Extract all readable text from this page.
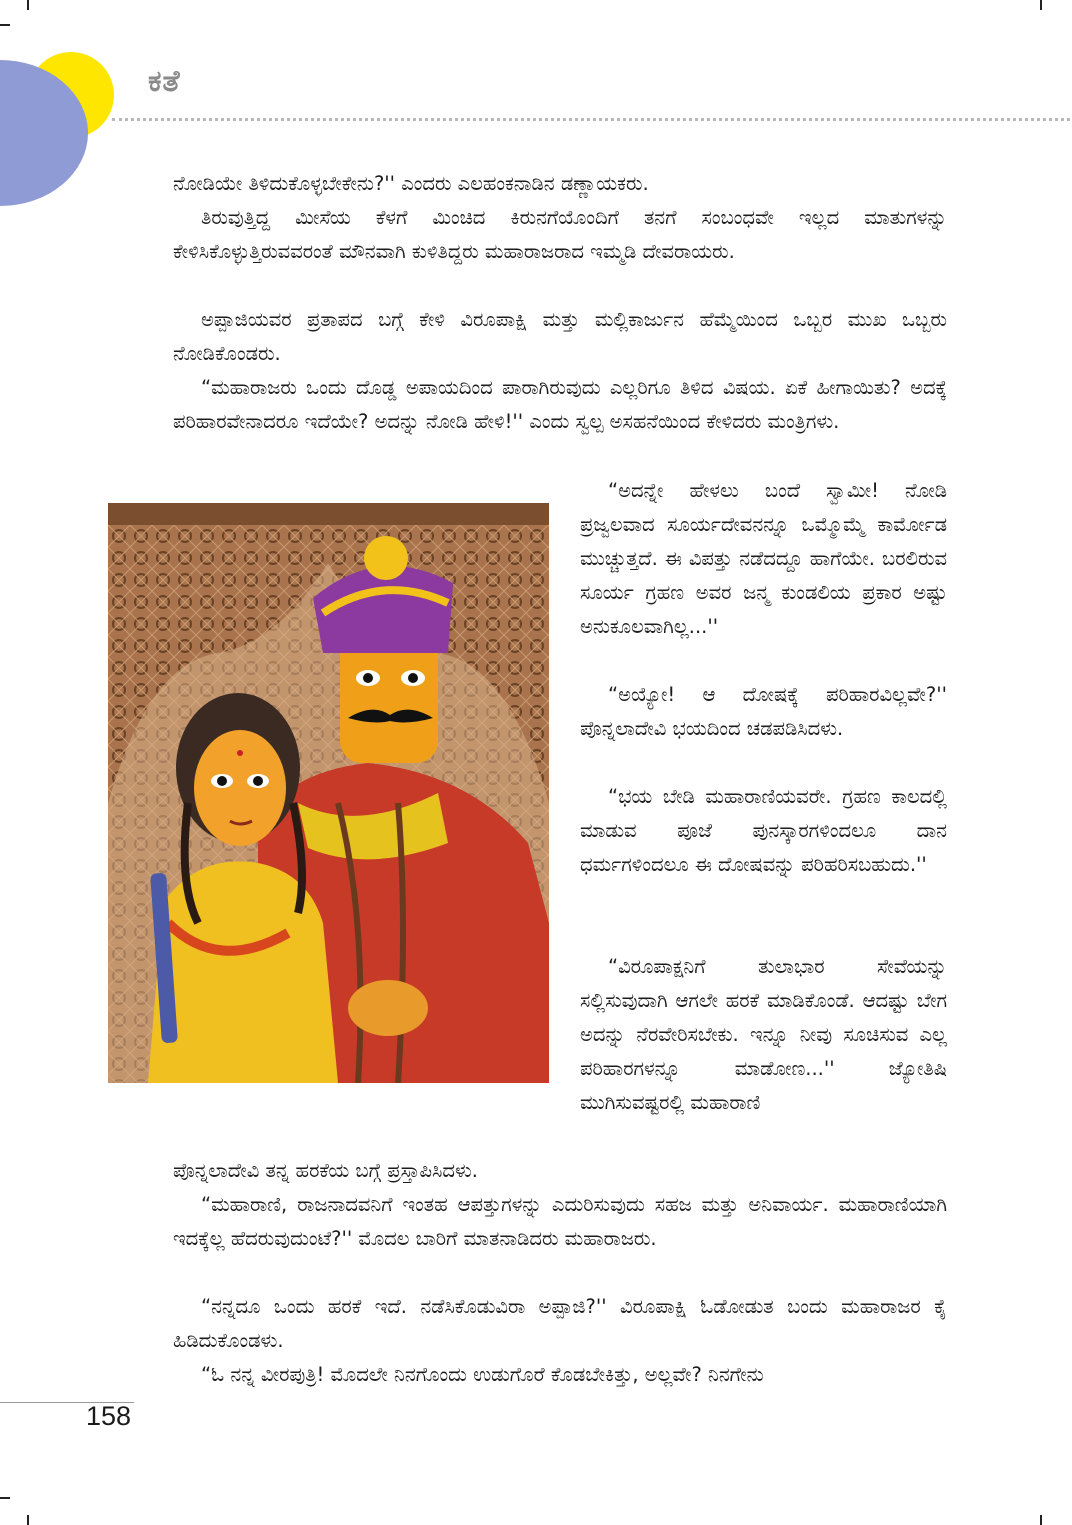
ಕತೆ

ನೋಡಿಯೇ ತಿಳಿದುಕೊಳ್ಳಬೇಕೇನು?'' ಎಂದರು ಎಲಹಂಕನಾಡಿನ ಡಣ್ಣಾಯಕರು.

ತಿರುವುತ್ತಿದ್ದ ಮೀಸೆಯ ಕೆಳಗೆ ಮಿಂಚಿದ ಕಿರುನಗೆಯೊಂದಿಗೆ ತನಗೆ ಸಂಬಂಧವೇ ಇಲ್ಲದ ಮಾತುಗಳನ್ನು ಕೇಳಿಸಿಕೊಳ್ಳುತ್ತಿರುವವರಂತೆ ಮೌನವಾಗಿ ಕುಳಿತಿದ್ದರು ಮಹಾರಾಜರಾದ ಇಮ್ಮಡಿ ದೇವರಾಯರು.

ಅಪ್ಪಾಜಿಯವರ ಪ್ರತಾಪದ ಬಗ್ಗೆ ಕೇಳಿ ವಿರೂಪಾಕ್ಷಿ ಮತ್ತು ಮಲ್ಲಿಕಾರ್ಜುನ ಹೆಮ್ಮೆಯಿಂದ ಒಬ್ಬರ ಮುಖ ಒಬ್ಬರು ನೋಡಿಕೊಂಡರು.

“ಮಹಾರಾಜರು ಒಂದು ದೊಡ್ಡ ಅಪಾಯದಿಂದ ಪಾರಾಗಿರುವುದು ಎಲ್ಲರಿಗೂ ತಿಳಿದ ವಿಷಯ. ಏಕೆ ಹೀಗಾಯಿತು? ಅದಕ್ಕೆ ಪರಿಹಾರವೇನಾದರೂ ಇದೆಯೇ? ಅದನ್ನು ನೋಡಿ ಹೇಳಿ!'' ಎಂದು ಸ್ವಲ್ಪ ಅಸಹನೆಯಿಂದ ಕೇಳಿದರು ಮಂತ್ರಿಗಳು.

“ಅದನ್ನೇ ಹೇಳಲು ಬಂದೆ ಸ್ವಾಮೀ! ನೋಡಿ ಪ್ರಜ್ವಲವಾದ ಸೂರ್ಯದೇವನನ್ನೂ ಒಮ್ಮೊಮ್ಮೆ ಕಾರ್ಮೋಡ ಮುಚ್ಚುತ್ತದೆ. ಈ ವಿಪತ್ತು ನಡೆದದ್ದೂ ಹಾಗೆಯೇ. ಬರಲಿರುವ ಸೂರ್ಯ ಗ್ರಹಣ ಅವರ ಜನ್ಮ ಕುಂಡಲಿಯ ಪ್ರಕಾರ ಅಷ್ಟು ಅನುಕೂಲವಾಗಿಲ್ಲ...''

“ಅಯ್ಯೋ! ಆ ದೋಷಕ್ಕೆ ಪರಿಹಾರವಿಲ್ಲವೇ?'' ಪೊನ್ನಲಾದೇವಿ ಭಯದಿಂದ ಚಡಪಡಿಸಿದಳು.

“ಭಯ ಬೇಡಿ ಮಹಾರಾಣಿಯವರೇ. ಗ್ರಹಣ ಕಾಲದಲ್ಲಿ ಮಾಡುವ ಪೂಜೆ ಪುನಸ್ಕಾರಗಳಿಂದಲೂ ದಾನ ಧರ್ಮಗಳಿಂದಲೂ ಈ ದೋಷವನ್ನು ಪರಿಹರಿಸಬಹುದು.''

“ವಿರೂಪಾಕ್ಷನಿಗೆ ತುಲಾಭಾರ ಸೇವೆಯನ್ನು ಸಲ್ಲಿಸುವುದಾಗಿ ಆಗಲೇ ಹರಕೆ ಮಾಡಿಕೊಂಡೆ. ಆದಷ್ಟು ಬೇಗ ಅದನ್ನು ನೆರವೇರಿಸಬೇಕು. ಇನ್ನೂ ನೀವು ಸೂಚಿಸುವ ಎಲ್ಲ ಪರಿಹಾರಗಳನ್ನೂ ಮಾಡೋಣ...'' ಜ್ಯೋತಿಷಿ ಮುಗಿಸುವಷ್ಟರಲ್ಲಿ ಮಹಾರಾಣಿ

ಪೊನ್ನಲಾದೇವಿ ತನ್ನ ಹರಕೆಯ ಬಗ್ಗೆ ಪ್ರಸ್ತಾಪಿಸಿದಳು.

“ಮಹಾರಾಣಿ, ರಾಜನಾದವನಿಗೆ ಇಂತಹ ಆಪತ್ತುಗಳನ್ನು ಎದುರಿಸುವುದು ಸಹಜ ಮತ್ತು ಅನಿವಾರ್ಯ. ಮಹಾರಾಣಿಯಾಗಿ ಇದಕ್ಕೆಲ್ಲ ಹೆದರುವುದುಂಟೆ?'' ಮೊದಲ ಬಾರಿಗೆ ಮಾತನಾಡಿದರು ಮಹಾರಾಜರು.

“ನನ್ನದೂ ಒಂದು ಹರಕೆ ಇದೆ. ನಡೆಸಿಕೊಡುವಿರಾ ಅಪ್ಪಾಜಿ?'' ವಿರೂಪಾಕ್ಷಿ ಓಡೋಡುತ ಬಂದು ಮಹಾರಾಜರ ಕೈ ಹಿಡಿದುಕೊಂಡಳು.

“ಓ ನನ್ನ ವೀರಪುತ್ರಿ! ಮೊದಲೇ ನಿನಗೊಂದು ಉಡುಗೊರೆ ಕೊಡಬೇಕಿತ್ತು, ಅಲ್ಲವೇ? ನಿನಗೇನು

158
